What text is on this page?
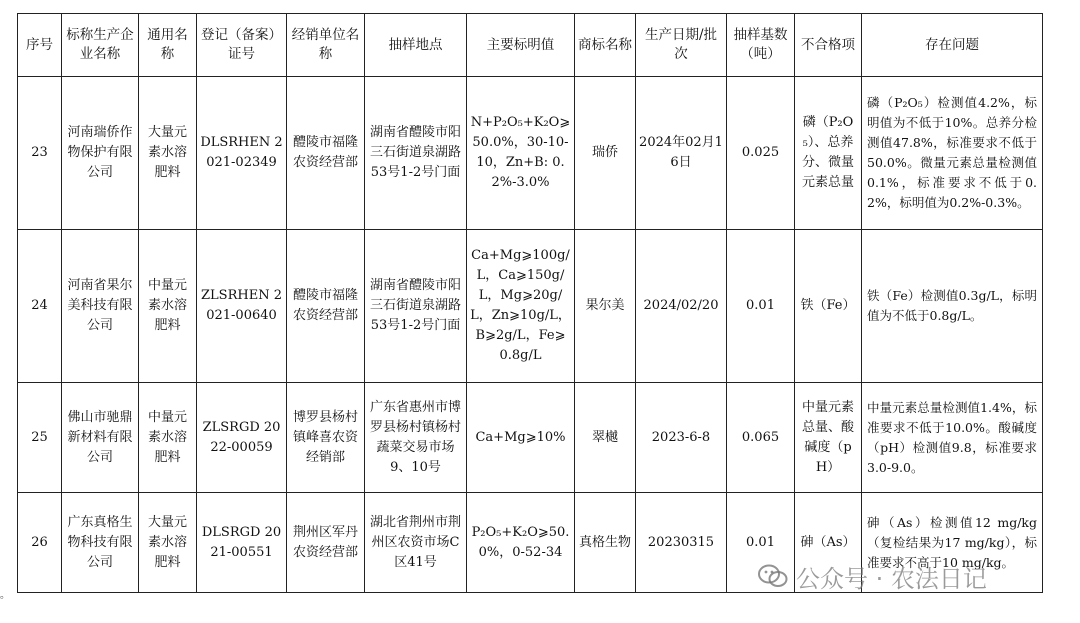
序号	标称生产企业名称	通用名称	登记（备案）证号	经销单位名称	抽样地点	主要标明值	商标名称	生产日期/批次	抽样基数（吨）	不合格项	存在问题
23	河南瑞侨作物保护有限公司	大量元素水溶肥料	DLSRHEN 2021-02349	醴陵市福隆农资经营部	湖南省醴陵市阳三石街道泉湖路53号1-2号门面	N+P₂O₅+K₂O⩾50.0%，30-10-10，Zn+B: 0.2%-3.0%	瑞侨	2024年02月16日	0.025	磷（P₂O₅）、总养分、微量元素总量	磷（P₂O₅）检测值4.2%，标明值为不低于10%。总养分检测值47.8%，标准要求不低于50.0%。微量元素总量检测值0.1%，标准要求不低于0.2%，标明值为0.2%-0.3%。
24	河南省果尔美科技有限公司	中量元素水溶肥料	ZLSRHEN 2021-00640	醴陵市福隆农资经营部	湖南省醴陵市阳三石街道泉湖路53号1-2号门面	Ca+Mg⩾100g/L，Ca⩾150g/L，Mg⩾20g/L，Zn⩾10g/L，B⩾2g/L，Fe⩾0.8g/L	果尔美	2024/02/20	0.01	铁（Fe）	铁（Fe）检测值0.3g/L，标明值为不低于0.8g/L。
25	佛山市驰鼎新材料有限公司	中量元素水溶肥料	ZLSRGD 2022-00059	博罗县杨村镇峰喜农资经销部	广东省惠州市博罗县杨村镇杨村蔬菜交易市场9、10号	Ca+Mg⩾10%	翠樾	2023-6-8	0.065	中量元素总量、酸碱度（pH）	中量元素总量检测值1.4%，标准要求不低于10.0%。酸碱度（pH）检测值9.8，标准要求3.0-9.0。
26	广东真格生物科技有限公司	大量元素水溶肥料	DLSRGD 2021-00551	荆州区军丹农资经营部	湖北省荆州市荆州区农资市场C区41号	P₂O₅+K₂O⩾50.0%，0-52-34	真格生物	20230315	0.01	砷（As）	砷（As）检测值12 mg/kg（复检结果为17 mg/kg），标准要求不高于10 mg/kg。
公众号 · 农法日记
。
